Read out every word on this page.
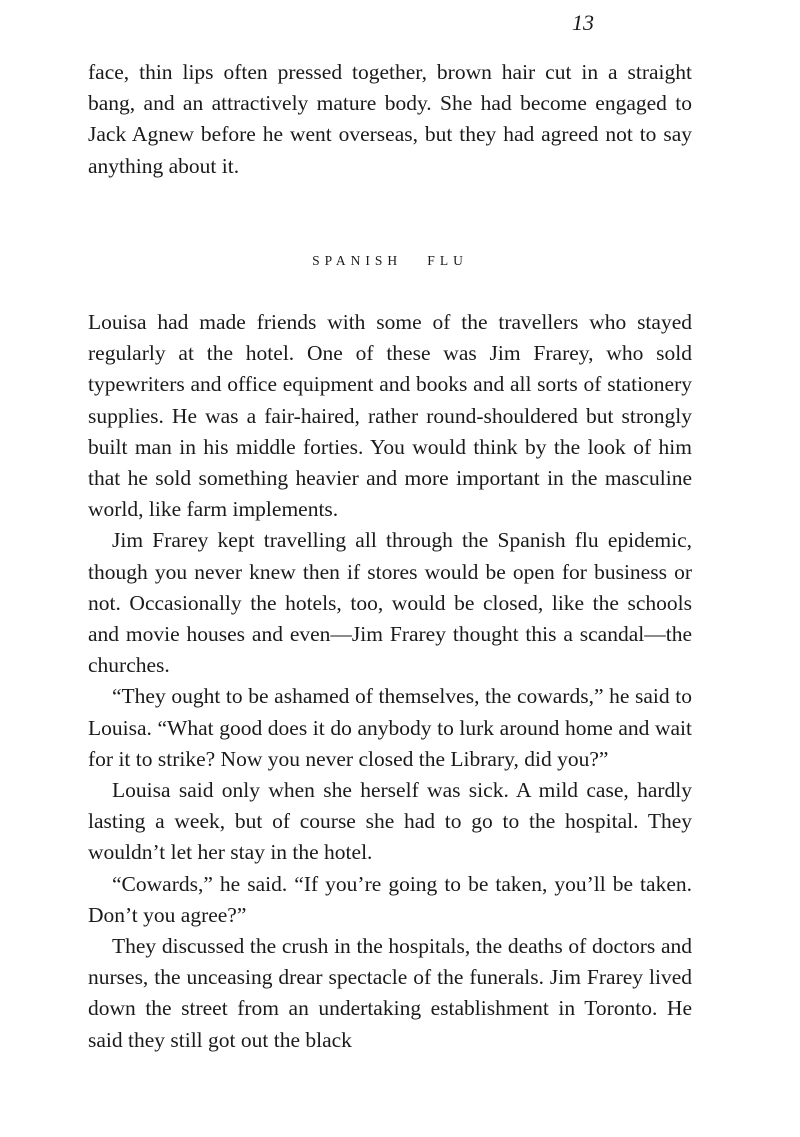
13

face, thin lips often pressed together, brown hair cut in a straight bang, and an attractively mature body. She had become engaged to Jack Agnew before he went overseas, but they had agreed not to say anything about it.

SPANISH   FLU

Louisa had made friends with some of the travellers who stayed regularly at the hotel. One of these was Jim Frarey, who sold typewriters and office equipment and books and all sorts of stationery supplies. He was a fair-haired, rather round-shouldered but strongly built man in his middle forties. You would think by the look of him that he sold something heavier and more important in the masculine world, like farm implements.

Jim Frarey kept travelling all through the Spanish flu epidemic, though you never knew then if stores would be open for business or not. Occasionally the hotels, too, would be closed, like the schools and movie houses and even—Jim Frarey thought this a scandal—the churches.

“They ought to be ashamed of themselves, the cowards,” he said to Louisa. “What good does it do anybody to lurk around home and wait for it to strike? Now you never closed the Library, did you?”

Louisa said only when she herself was sick. A mild case, hardly lasting a week, but of course she had to go to the hospital. They wouldn’t let her stay in the hotel.

“Cowards,” he said. “If you’re going to be taken, you’ll be taken. Don’t you agree?”

They discussed the crush in the hospitals, the deaths of doctors and nurses, the unceasing drear spectacle of the funerals. Jim Frarey lived down the street from an undertaking establishment in Toronto. He said they still got out the black
